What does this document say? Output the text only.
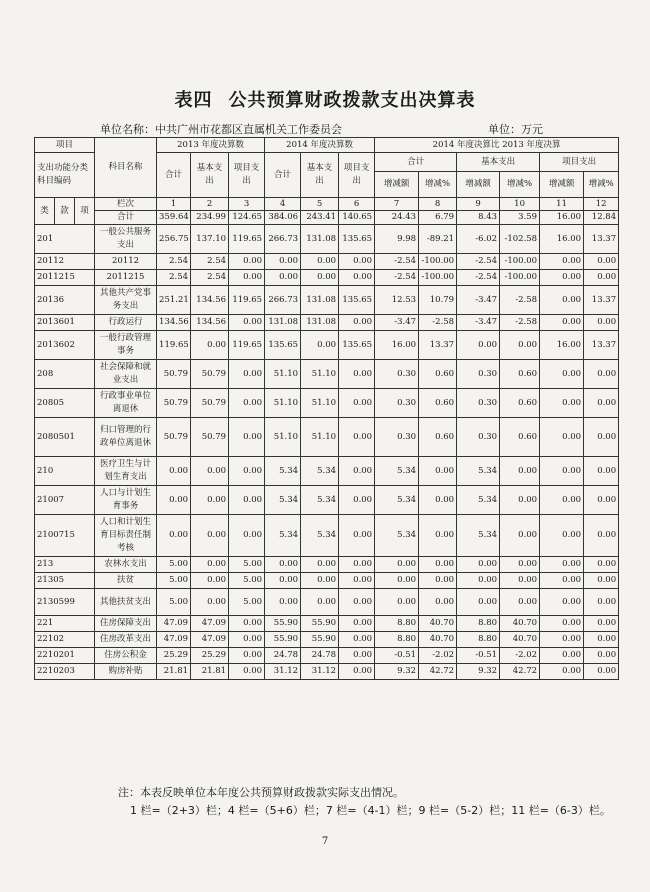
表四 公共预算财政拨款支出决算表
单位名称：中共广州市花都区直属机关工作委员会	单位：万元
项目			科目名称	2013 年度决算数			2014 年度决算数			2014 年度决算比 2013 年度决算					
支出功能分类科目编码				合计	基本支出	项目支出	合计	基本支出	项目支出	合计		基本支出		项目支出	
										增减额	增减%	增减额	增减%	增减额	增减%
类	款	项	栏次	1	2	3	4	5	6	7	8	9	10	11	12
			合计	359.64	234.99	124.65	384.06	243.41	140.65	24.43	6.79	8.43	3.59	16.00	12.84
201			一般公共服务支出	256.75	137.10	119.65	266.73	131.08	135.65	9.98	-89.21	-6.02	-102.58	16.00	13.37
20112			20112	2.54	2.54	0.00	0.00	0.00	0.00	-2.54	-100.00	-2.54	-100.00	0.00	0.00
2011215			2011215	2.54	2.54	0.00	0.00	0.00	0.00	-2.54	-100.00	-2.54	-100.00	0.00	0.00
20136			其他共产党事务支出	251.21	134.56	119.65	266.73	131.08	135.65	12.53	10.79	-3.47	-2.58	0.00	13.37
2013601			行政运行	134.56	134.56	0.00	131.08	131.08	0.00	-3.47	-2.58	-3.47	-2.58	0.00	0.00
2013602			一般行政管理事务	119.65	0.00	119.65	135.65	0.00	135.65	16.00	13.37	0.00	0.00	16.00	13.37
208			社会保障和就业支出	50.79	50.79	0.00	51.10	51.10	0.00	0.30	0.60	0.30	0.60	0.00	0.00
20805			行政事业单位离退休	50.79	50.79	0.00	51.10	51.10	0.00	0.30	0.60	0.30	0.60	0.00	0.00
2080501			归口管理的行政单位离退休	50.79	50.79	0.00	51.10	51.10	0.00	0.30	0.60	0.30	0.60	0.00	0.00
210			医疗卫生与计划生育支出	0.00	0.00	0.00	5.34	5.34	0.00	5.34	0.00	5.34	0.00	0.00	0.00
21007			人口与计划生育事务	0.00	0.00	0.00	5.34	5.34	0.00	5.34	0.00	5.34	0.00	0.00	0.00
2100715			人口和计划生育目标责任制考核	0.00	0.00	0.00	5.34	5.34	0.00	5.34	0.00	5.34	0.00	0.00	0.00
213			农林水支出	5.00	0.00	5.00	0.00	0.00	0.00	0.00	0.00	0.00	0.00	0.00	0.00
21305			扶贫	5.00	0.00	5.00	0.00	0.00	0.00	0.00	0.00	0.00	0.00	0.00	0.00
2130599			其他扶贫支出	5.00	0.00	5.00	0.00	0.00	0.00	0.00	0.00	0.00	0.00	0.00	0.00
221			住房保障支出	47.09	47.09	0.00	55.90	55.90	0.00	8.80	40.70	8.80	40.70	0.00	0.00
22102			住房改革支出	47.09	47.09	0.00	55.90	55.90	0.00	8.80	40.70	8.80	40.70	0.00	0.00
2210201			住房公积金	25.29	25.29	0.00	24.78	24.78	0.00	-0.51	-2.02	-0.51	-2.02	0.00	0.00
2210203			购房补贴	21.81	21.81	0.00	31.12	31.12	0.00	9.32	42.72	9.32	42.72	0.00	0.00
注：本表反映单位本年度公共预算财政拨款实际支出情况。
1 栏=（2+3）栏；4 栏=（5+6）栏；7 栏=（4-1）栏；9 栏=（5-2）栏；11 栏=（6-3）栏。
7
